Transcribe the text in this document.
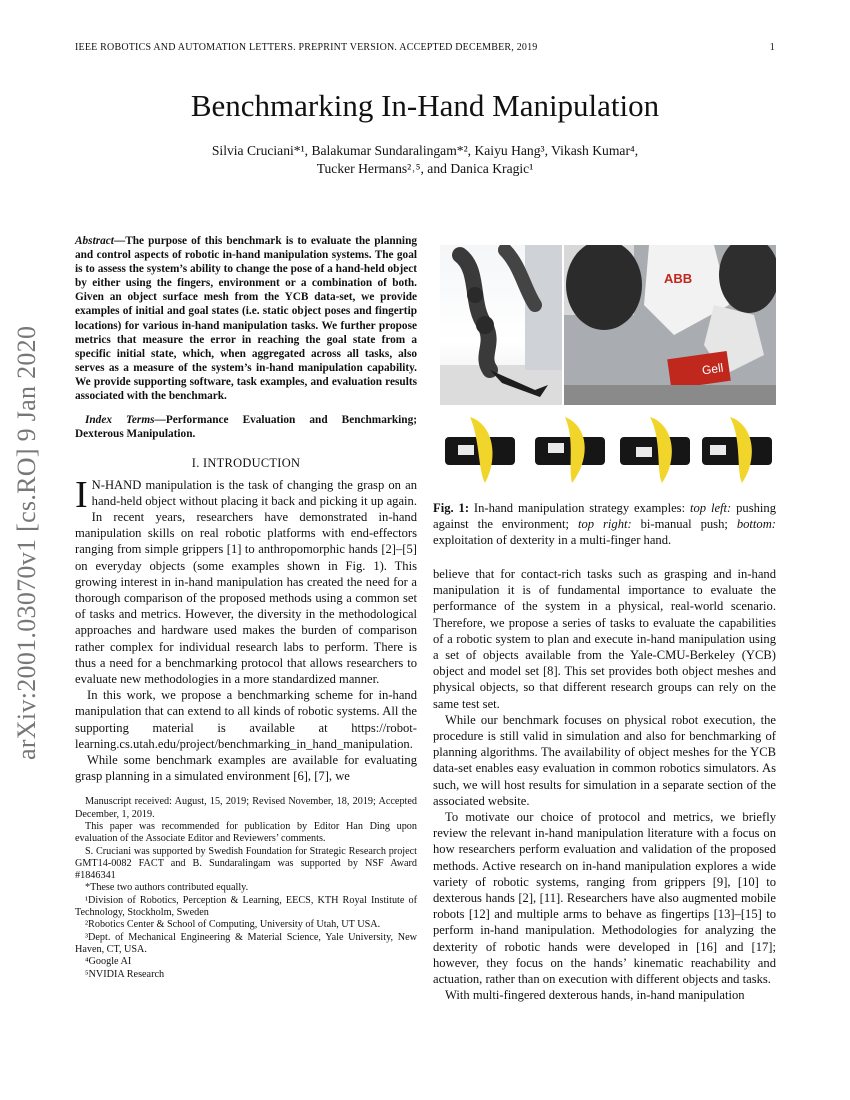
IEEE ROBOTICS AND AUTOMATION LETTERS. PREPRINT VERSION. ACCEPTED DECEMBER, 2019	1
Benchmarking In-Hand Manipulation
Silvia Cruciani*¹, Balakumar Sundaralingam*², Kaiyu Hang³, Vikash Kumar⁴,
Tucker Hermans²˒⁵, and Danica Kragic¹
arXiv:2001.03070v1 [cs.RO] 9 Jan 2020

Abstract—The purpose of this benchmark is to evaluate the planning and control aspects of robotic in-hand manipulation systems. The goal is to assess the system’s ability to change the pose of a hand-held object by either using the fingers, environment or a combination of both. Given an object surface mesh from the YCB data-set, we provide examples of initial and goal states (i.e. static object poses and fingertip locations) for various in-hand manipulation tasks. We further propose metrics that measure the error in reaching the goal state from a specific initial state, which, when aggregated across all tasks, also serves as a measure of the system’s in-hand manipulation capability. We provide supporting software, task examples, and evaluation results associated with the benchmark.

Index Terms—Performance Evaluation and Benchmarking; Dexterous Manipulation.

I. INTRODUCTION

I N-HAND manipulation is the task of changing the grasp on an hand-held object without placing it back and picking it up again. In recent years, researchers have demonstrated in-hand manipulation skills on real robotic platforms with end-effectors ranging from simple grippers [1] to anthropomorphic hands [2]–[5] on everyday objects (some examples shown in Fig. 1). This growing interest in in-hand manipulation has created the need for a thorough comparison of the proposed methods using a common set of tasks and metrics. However, the diversity in the methodological approaches and hardware used makes the burden of comparison rather complex for individual research labs to perform. There is thus a need for a benchmarking protocol that allows researchers to evaluate new methodologies in a more standardized manner.

In this work, we propose a benchmarking scheme for in-hand manipulation that can extend to all kinds of robotic systems. All the supporting material is available at https://robot-learning.cs.utah.edu/project/benchmarking_in_hand_manipulation.

While some benchmark examples are available for evaluating grasp planning in a simulated environment [6], [7], we

Manuscript received: August, 15, 2019; Revised November, 18, 2019; Accepted December, 1, 2019.

This paper was recommended for publication by Editor Han Ding upon evaluation of the Associate Editor and Reviewers’ comments.

S. Cruciani was supported by Swedish Foundation for Strategic Research project GMT14-0082 FACT and B. Sundaralingam was supported by NSF Award #1846341

*These two authors contributed equally.

¹Division of Robotics, Perception & Learning, EECS, KTH Royal Institute of Technology, Stockholm, Sweden

²Robotics Center & School of Computing, University of Utah, UT USA.

³Dept. of Mechanical Engineering & Material Science, Yale University, New Haven, CT, USA.

⁴Google AI

⁵NVIDIA Research

Gell
ABB
Fig. 1: In-hand manipulation strategy examples: top left: pushing against the environment; top right: bi-manual push; bottom: exploitation of dexterity in a multi-finger hand.

believe that for contact-rich tasks such as grasping and in-hand manipulation it is of fundamental importance to evaluate the performance of the system in a physical, real-world scenario. Therefore, we propose a series of tasks to evaluate the capabilities of a robotic system to plan and execute in-hand manipulation using a set of objects available from the Yale-CMU-Berkeley (YCB) object and model set [8]. This set provides both object meshes and physical objects, so that different research groups can rely on the same test set.

While our benchmark focuses on physical robot execution, the procedure is still valid in simulation and also for benchmarking of planning algorithms. The availability of object meshes for the YCB data-set enables easy evaluation in common robotics simulators. As such, we will host results for simulation in a separate section of the associated website.

To motivate our choice of protocol and metrics, we briefly review the relevant in-hand manipulation literature with a focus on how researchers perform evaluation and validation of the proposed methods. Active research on in-hand manipulation explores a wide variety of robotic systems, ranging from grippers [9], [10] to dexterous hands [2], [11]. Researchers have also augmented mobile robots [12] and multiple arms to behave as fingertips [13]–[15] to perform in-hand manipulation. Methodologies for analyzing the dexterity of robotic hands were developed in [16] and [17]; however, they focus on the hands’ kinematic reachability and actuation, rather than on execution with different objects and tasks.

With multi-fingered dexterous hands, in-hand manipulation
